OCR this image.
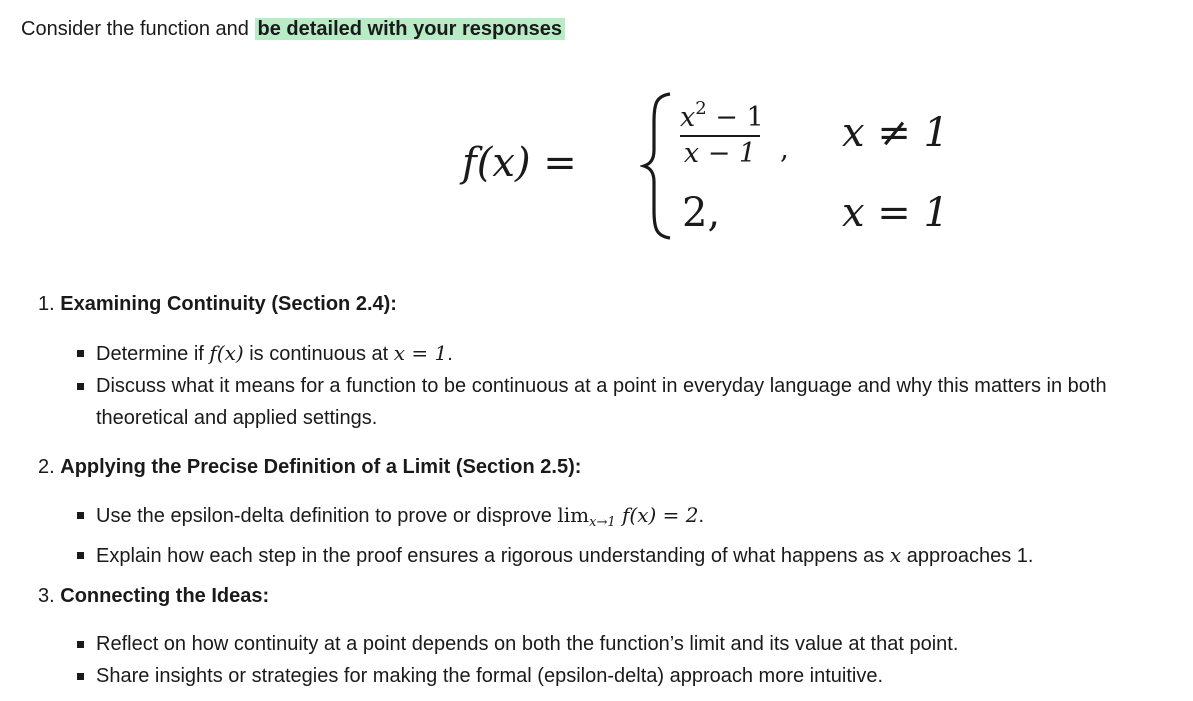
Consider the function and be detailed with your responses
f(x) =
$x^2 - 1$
x − 1 , x ≠ 1
2,	x = 1
1. Examining Continuity (Section 2.4):
Determine if f(x) is continuous at x = 1.
Discuss what it means for a function to be continuous at a point in everyday language and why this matters in both theoretical and applied settings.
2. Applying the Precise Definition of a Limit (Section 2.5):
Use the epsilon-delta definition to prove or disprove $\lim_{x\to 1} f(x) = 2$.
Explain how each step in the proof ensures a rigorous understanding of what happens as x approaches 1.
3. Connecting the Ideas:
Reflect on how continuity at a point depends on both the function’s limit and its value at that point.
Share insights or strategies for making the formal (epsilon-delta) approach more intuitive.
